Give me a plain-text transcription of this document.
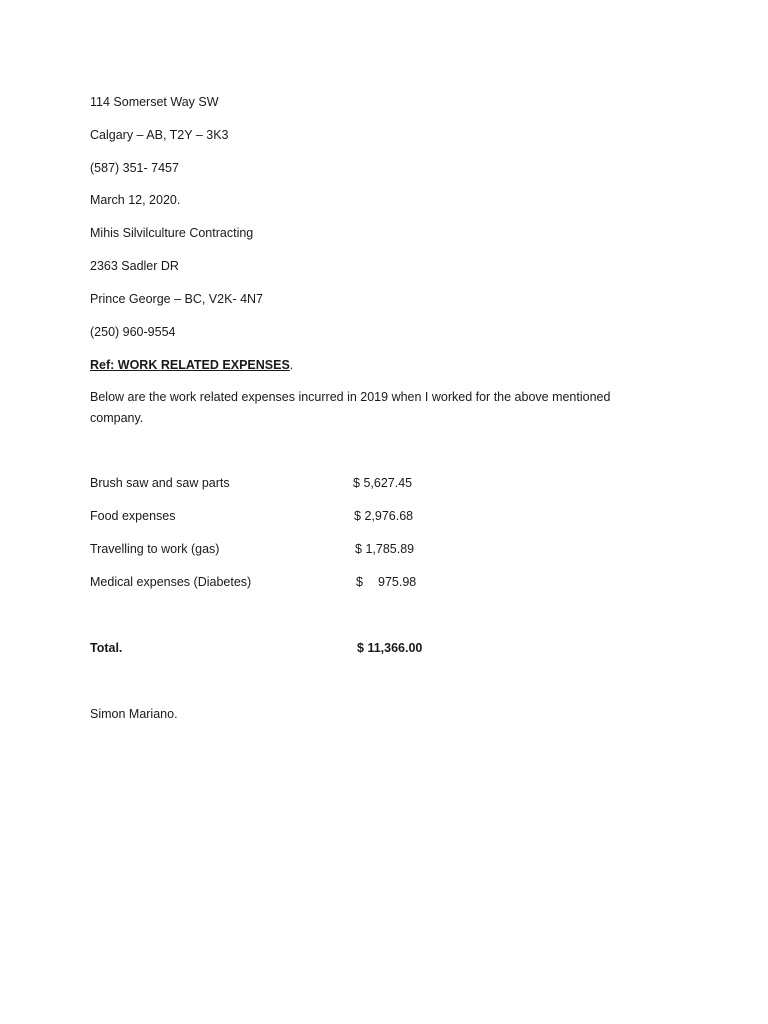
114 Somerset Way SW
Calgary – AB, T2Y – 3K3
(587) 351- 7457
March 12, 2020.
Mihis Silvilculture Contracting
2363 Sadler DR
Prince George – BC, V2K- 4N7
(250) 960-9554
Ref: WORK RELATED EXPENSES.
Below are the work related expenses incurred in 2019 when I worked for the above mentioned company.
Brush saw and saw parts	$ 5,627.45
Food expenses	$ 2,976.68
Travelling to work (gas)	$ 1,785.89
Medical expenses (Diabetes)	$ 975.98
Total.	$ 11,366.00
Simon Mariano.
